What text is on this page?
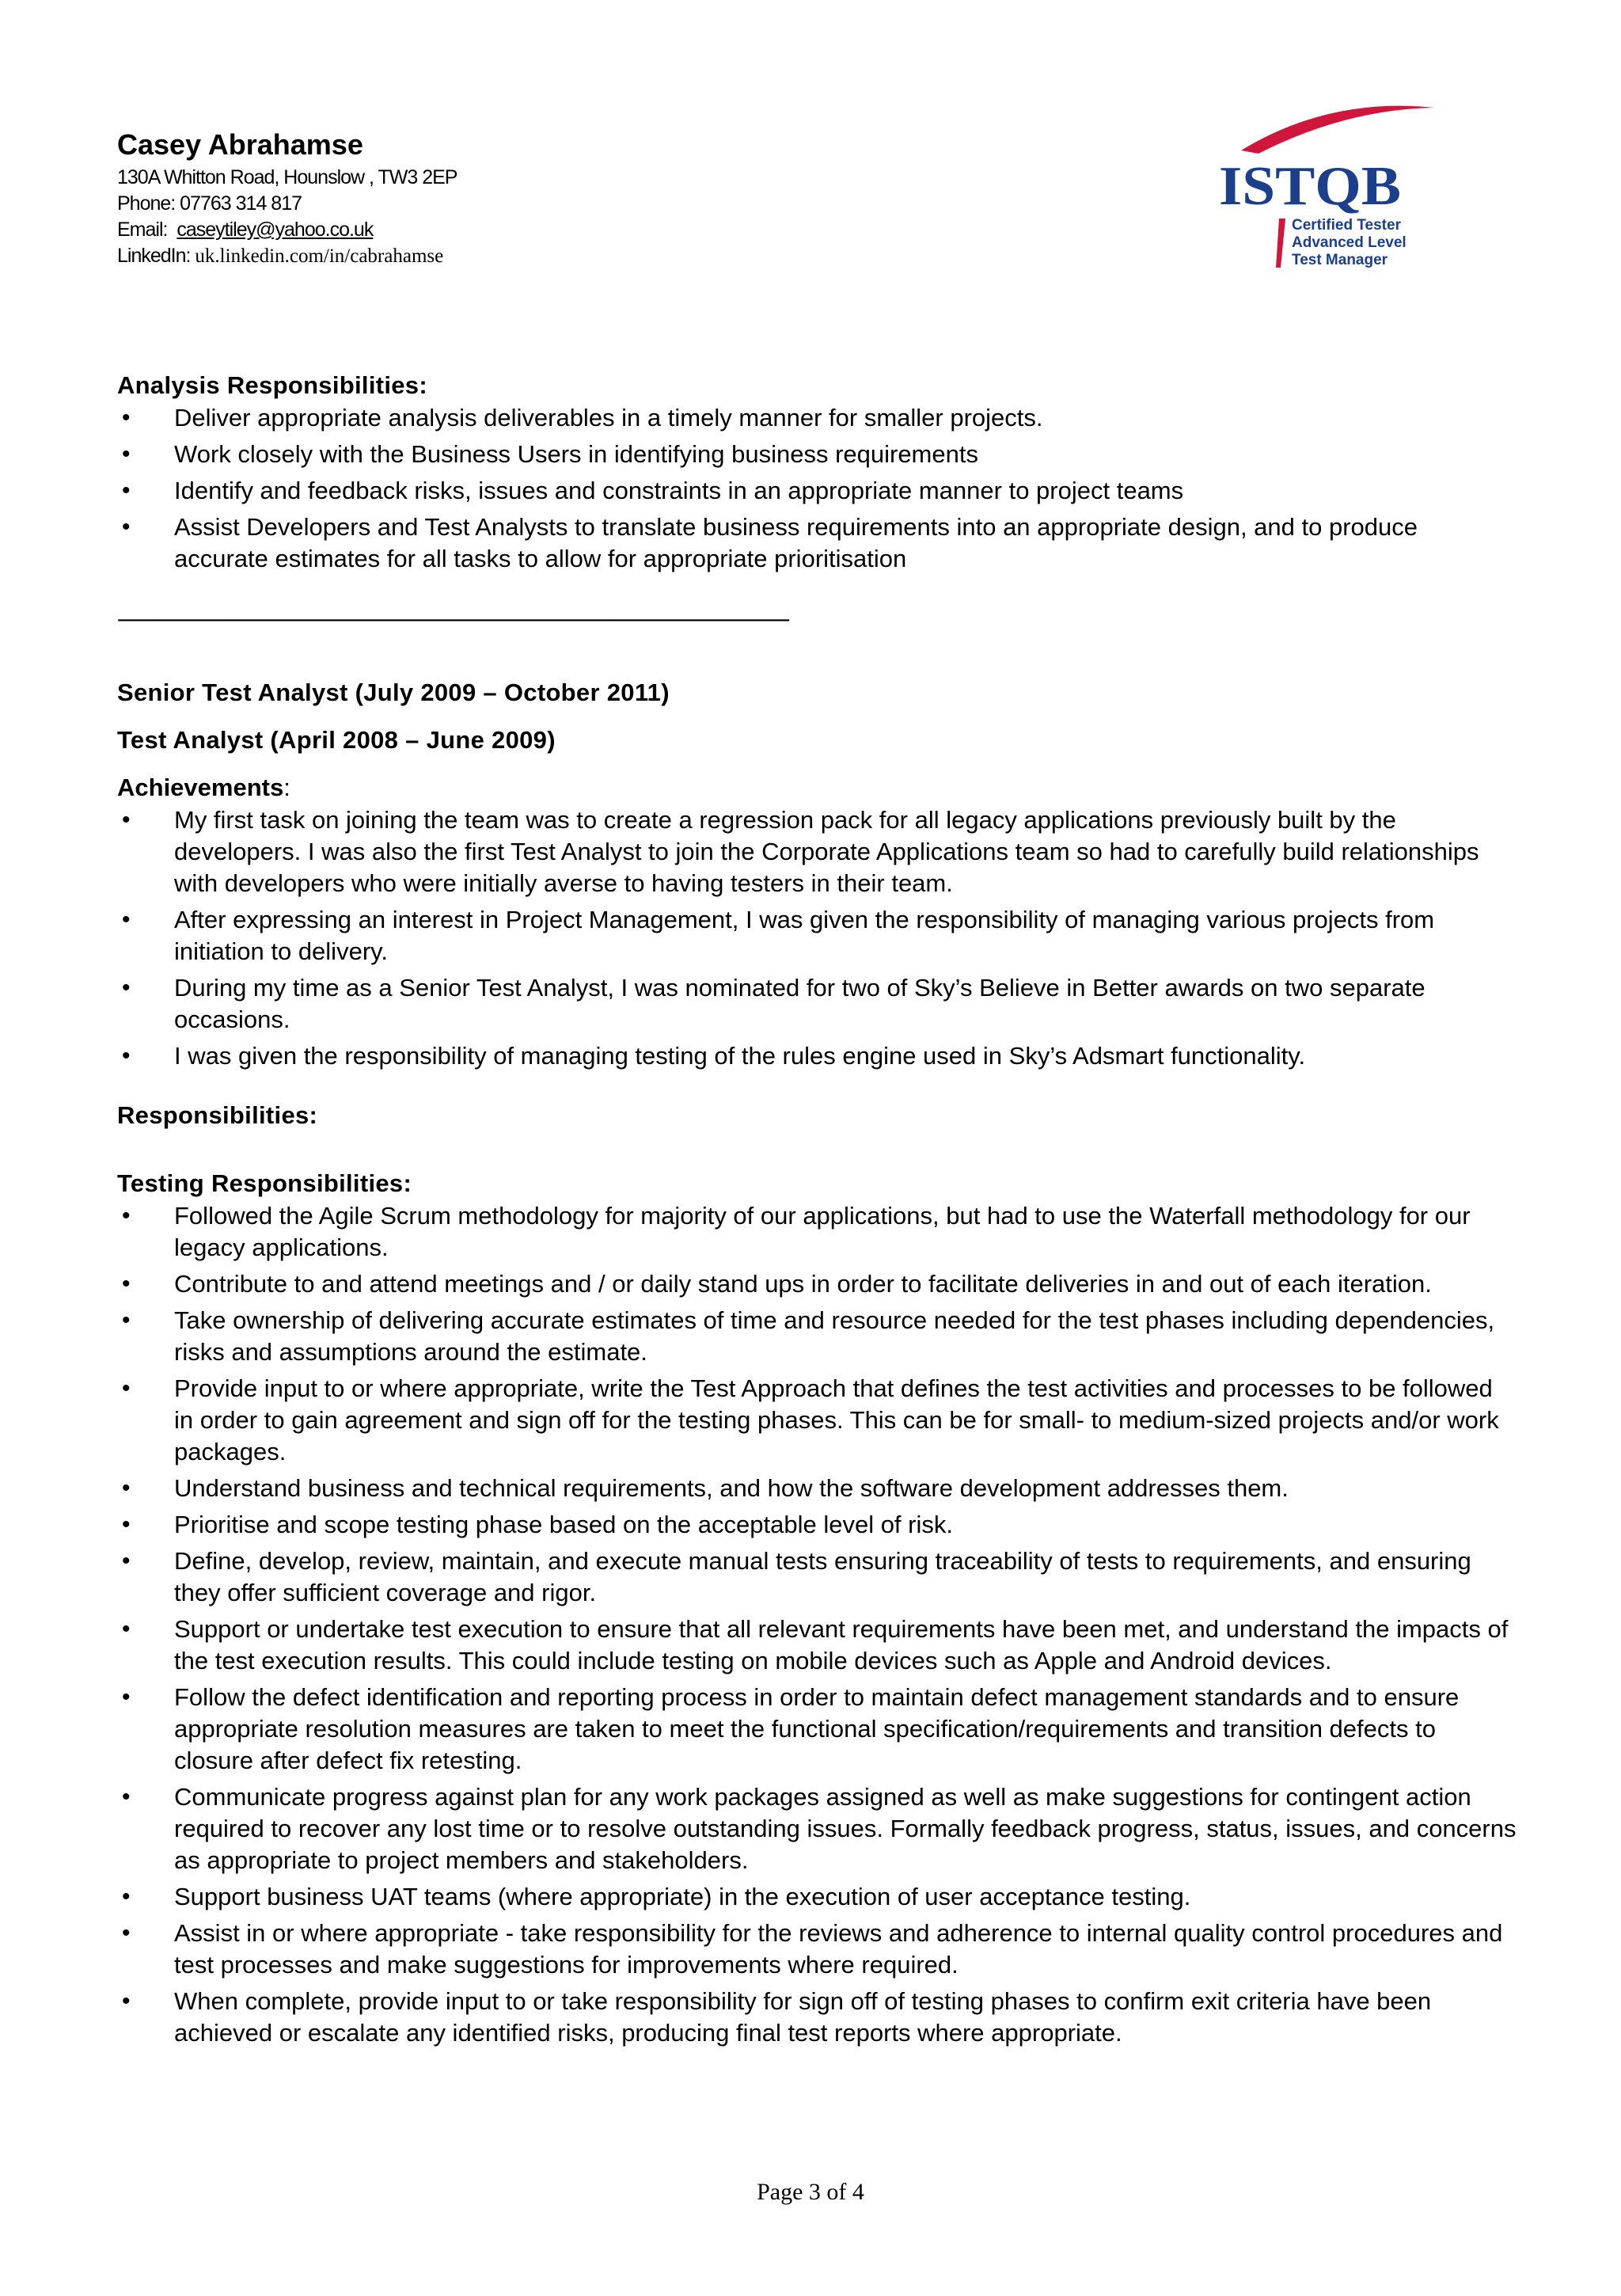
Casey Abrahamse
130A Whitton Road, Hounslow , TW3 2EP
Phone: 07763 314 817
Email: caseytiley@yahoo.co.uk
LinkedIn: uk.linkedin.com/in/cabrahamse
ISTQB
Certified Tester
Advanced Level
Test Manager
Analysis Responsibilities:
• Deliver appropriate analysis deliverables in a timely manner for smaller projects.
• Work closely with the Business Users in identifying business requirements
• Identify and feedback risks, issues and constraints in an appropriate manner to project teams
• Assist Developers and Test Analysts to translate business requirements into an appropriate design, and to produce accurate estimates for all tasks to allow for appropriate prioritisation
--------------------------------------------------------------------------------------------------------------------------------------
Senior Test Analyst (July 2009 – October 2011)
Test Analyst (April 2008 – June 2009)
Achievements:
• My first task on joining the team was to create a regression pack for all legacy applications previously built by the developers. I was also the first Test Analyst to join the Corporate Applications team so had to carefully build relationships with developers who were initially averse to having testers in their team.
• After expressing an interest in Project Management, I was given the responsibility of managing various projects from initiation to delivery.
• During my time as a Senior Test Analyst, I was nominated for two of Sky’s Believe in Better awards on two separate occasions.
• I was given the responsibility of managing testing of the rules engine used in Sky’s Adsmart functionality.
Responsibilities:
Testing Responsibilities:
• Followed the Agile Scrum methodology for majority of our applications, but had to use the Waterfall methodology for our legacy applications.
• Contribute to and attend meetings and / or daily stand ups in order to facilitate deliveries in and out of each iteration.
• Take ownership of delivering accurate estimates of time and resource needed for the test phases including dependencies, risks and assumptions around the estimate.
• Provide input to or where appropriate, write the Test Approach that defines the test activities and processes to be followed in order to gain agreement and sign off for the testing phases. This can be for small- to medium-sized projects and/or work packages.
• Understand business and technical requirements, and how the software development addresses them.
• Prioritise and scope testing phase based on the acceptable level of risk.
• Define, develop, review, maintain, and execute manual tests ensuring traceability of tests to requirements, and ensuring they offer sufficient coverage and rigor.
• Support or undertake test execution to ensure that all relevant requirements have been met, and understand the impacts of the test execution results. This could include testing on mobile devices such as Apple and Android devices.
• Follow the defect identification and reporting process in order to maintain defect management standards and to ensure appropriate resolution measures are taken to meet the functional specification/requirements and transition defects to closure after defect fix retesting.
• Communicate progress against plan for any work packages assigned as well as make suggestions for contingent action required to recover any lost time or to resolve outstanding issues. Formally feedback progress, status, issues, and concerns as appropriate to project members and stakeholders.
• Support business UAT teams (where appropriate) in the execution of user acceptance testing.
• Assist in or where appropriate - take responsibility for the reviews and adherence to internal quality control procedures and test processes and make suggestions for improvements where required.
• When complete, provide input to or take responsibility for sign off of testing phases to confirm exit criteria have been achieved or escalate any identified risks, producing final test reports where appropriate.
Page 3 of 4
